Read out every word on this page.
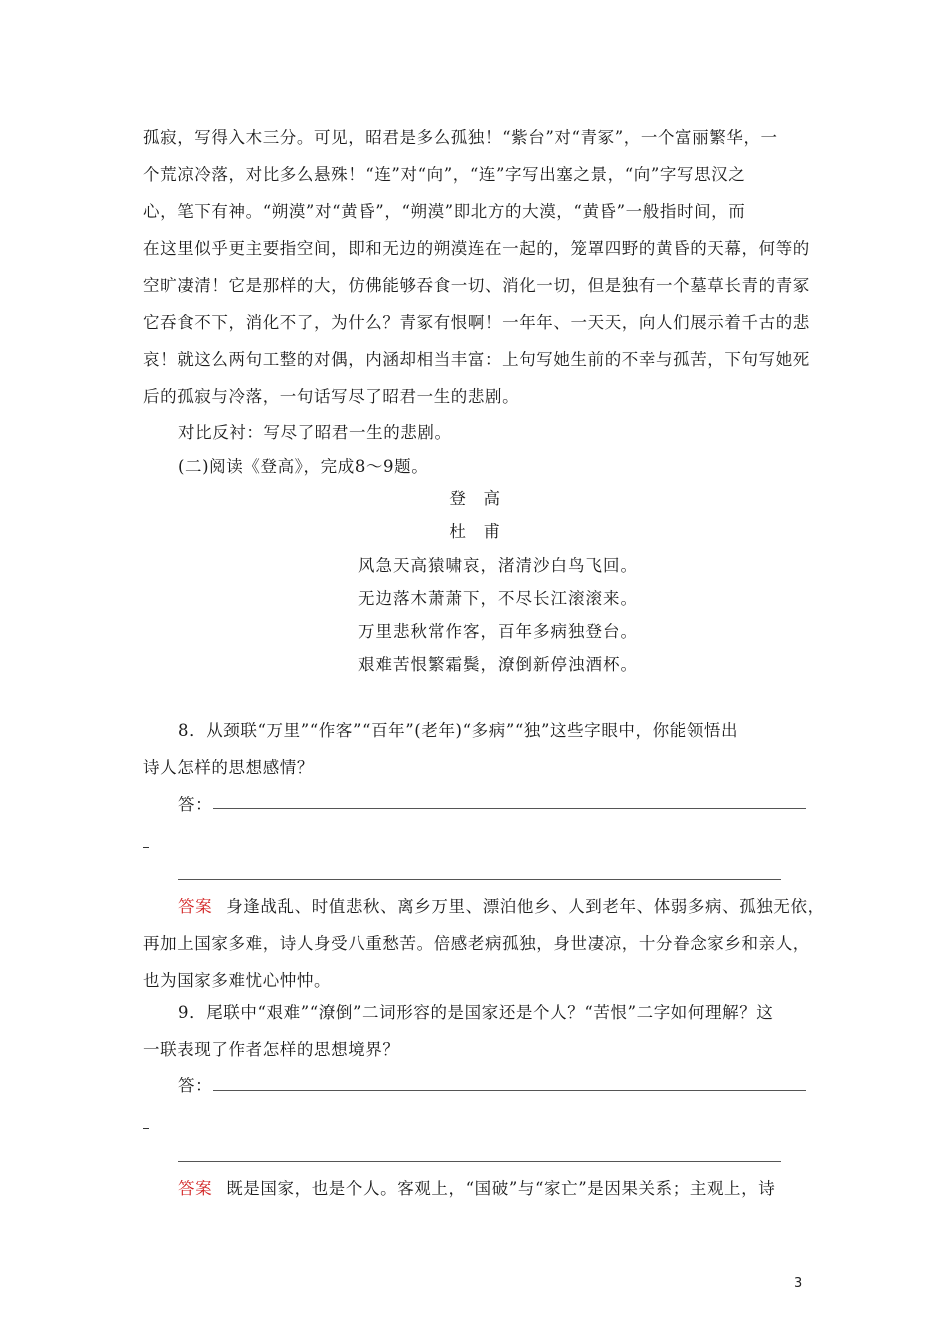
孤寂，写得入木三分。可见，昭君是多么孤独！“紫台”对“青冢”，一个富丽繁华，一
个荒凉冷落，对比多么悬殊！“连”对“向”，“连”字写出塞之景，“向”字写思汉之
心，笔下有神。“朔漠”对“黄昏”，“朔漠”即北方的大漠，“黄昏”一般指时间，而
在这里似乎更主要指空间，即和无边的朔漠连在一起的，笼罩四野的黄昏的天幕，何等的
空旷凄清！它是那样的大，仿佛能够吞食一切、消化一切，但是独有一个墓草长青的青冢
它吞食不下，消化不了，为什么？青冢有恨啊！一年年、一天天，向人们展示着千古的悲
哀！就这么两句工整的对偶，内涵却相当丰富：上句写她生前的不幸与孤苦，下句写她死
后的孤寂与冷落，一句话写尽了昭君一生的悲剧。
对比反衬：写尽了昭君一生的悲剧。
(二)阅读《登高》，完成8～9题。
登　高
杜　甫
风急天高猿啸哀，渚清沙白鸟飞回。
无边落木萧萧下，不尽长江滚滚来。
万里悲秋常作客，百年多病独登台。
艰难苦恨繁霜鬓，潦倒新停浊酒杯。
8．从颈联“万里”“作客”“百年”(老年)“多病”“独”这些字眼中，你能领悟出
诗人怎样的思想感情？
答：
答案 身逢战乱、时值悲秋、离乡万里、漂泊他乡、人到老年、体弱多病、孤独无依，
再加上国家多难，诗人身受八重愁苦。倍感老病孤独，身世凄凉，十分眷念家乡和亲人，
也为国家多难忧心忡忡。
9．尾联中“艰难”“潦倒”二词形容的是国家还是个人？“苦恨”二字如何理解？这
一联表现了作者怎样的思想境界？
答：
答案 既是国家，也是个人。客观上，“国破”与“家亡”是因果关系；主观上，诗
3
